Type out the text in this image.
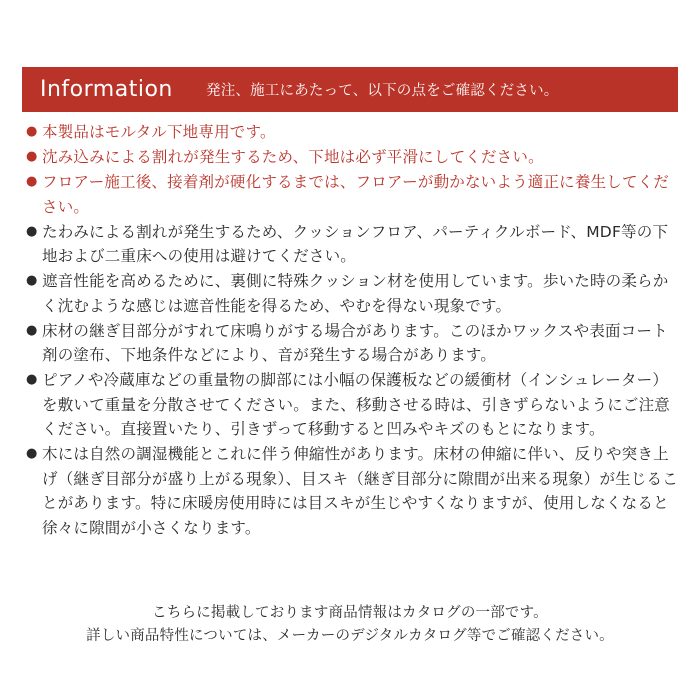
Information	発注、施工にあたって、以下の点をご確認ください。
● 本製品はモルタル下地専用です。
● 沈み込みによる割れが発生するため、下地は必ず平滑にしてください。
● フロアー施工後、接着剤が硬化するまでは、フロアーが動かないよう適正に養生してください。
● たわみによる割れが発生するため、クッションフロア、パーティクルボード、MDF等の下地および二重床への使用は避けてください。
● 遮音性能を高めるために、裏側に特殊クッション材を使用しています。歩いた時の柔らかく沈むような感じは遮音性能を得るため、やむを得ない現象です。
● 床材の継ぎ目部分がすれて床鳴りがする場合があります。このほかワックスや表面コート剤の塗布、下地条件などにより、音が発生する場合があります。
● ピアノや冷蔵庫などの重量物の脚部には小幅の保護板などの緩衝材（インシュレーター）を敷いて重量を分散させてください。また、移動させる時は、引きずらないようにご注意ください。直接置いたり、引きずって移動すると凹みやキズのもとになります。
● 木には自然の調湿機能とこれに伴う伸縮性があります。床材の伸縮に伴い、反りや突き上げ（継ぎ目部分が盛り上がる現象）、目スキ（継ぎ目部分に隙間が出来る現象）が生じることがあります。特に床暖房使用時には目スキが生じやすくなりますが、使用しなくなると徐々に隙間が小さくなります。
こちらに掲載しております商品情報はカタログの一部です。
詳しい商品特性については、メーカーのデジタルカタログ等でご確認ください。
